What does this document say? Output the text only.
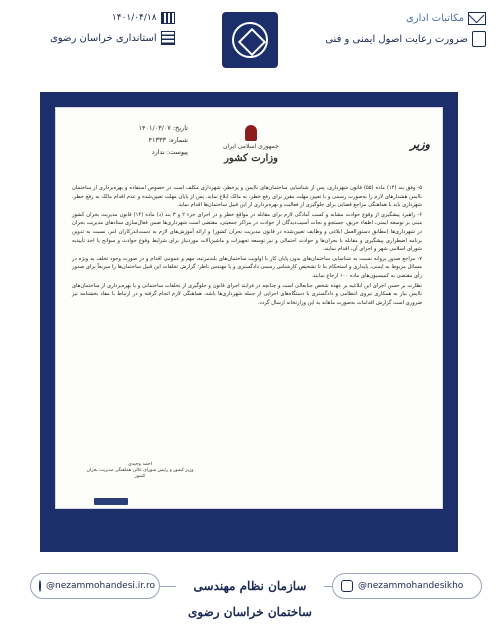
مکاتبات اداری
ضرورت رعایت اصول ایمنی و فنی
۱۴۰۱/۰۴/۱۸
استانداری خراسان رضوی
جمهوری اسلامی ایران
وزارت کشور
وزیر
تاریخ: ۱۴۰۱/۰۳/۰۷
شماره: ۴۱۳۳۳
پیوست: ندارد

۵- وفق بند (۱۴) ماده (۵۵) قانون شهرداری، پس از شناسایی ساختمان‌های ناایمن و پرخطر، شهرداری مکلف است در خصوص استفاده و بهره‌برداری از ساختمان ناایمن هشدارهای لازم را به‌صورت رسمی و با تعیین مهلت مقرر برای رفع خطر، به مالک ابلاغ نماید. پس از پایان مهلت تعیین‌شده و عدم اقدام مالک به رفع خطر، شهرداری باید با هماهنگی مراجع قضایی برای جلوگیری از فعالیت و بهره‌برداری از این قبیل ساختمان‌ها اقدام نماید.

۶- راهبرد پیشگیری از وقوع حوادث مشابه و کسب آمادگی لازم برای مقابله در مواقع خطر و در اجرای جزء ۲ و ۳ بند (د) ماده (۱۴) قانون مدیریت بحران کشور مبنی بر توسعه ایمنی، اطفاء حریق، جستجو و نجات آسیب‌دیدگان از حوادث در مراکز جمعیتی، مقتضی است شهرداری‌ها ضمن فعال‌سازی ستادهای مدیریت بحران در شهرداری‌ها (مطابق دستورالعمل ابلاغی و وظایف تعیین‌شده در قانون مدیریت بحران کشور) و ارائه آموزش‌های لازم به دست‌اندرکاران امر، نسبت به تدوین برنامه اضطراری پیشگیری و مقابله با بحران‌ها و حوادث احتمالی و نیز توسعه تجهیزات و ماشین‌آلات موردنیاز برای شرایط وقوع حوادث و سوانح با اخذ تأییدیه شورای اسلامی شهر و اجرای آن، اقدام نمایند.

۷- مراجع صدور پروانه نسبت به شناسایی ساختمان‌های بدون پایان کار با اولویت ساختمان‌های بلندمرتبه، مهم و عمومی اقدام و در صورت وجود تخلف به ویژه در مسائل مربوط به ایمنی، پایداری و استحکام بنا تا تشخیص کارشناس رسمی دادگستری و یا مهندس ناظر؛ گزارش تخلفات این قبیل ساختمان‌ها را سریعاً برای صدور رأی مقتضی به کمیسیون‌های ماده ۱۰۰ ارجاع نمایند.

نظارت بر حسن اجرای این ابلاغیه بر عهده شخص جنابعالی است و چنانچه در فرایند اجرای قانون و جلوگیری از تخلفات ساختمانی و یا بهره‌برداری از ساختمان‌های ناایمن نیاز به همکاری نیروی انتظامی و دادگستری با دستگاه‌های اجرایی از جمله شهرداری‌ها باشد، هماهنگی لازم انجام گرفته و در ارتباط با مفاد بخشنامه نیز ضروری است گزارش اقدامات به‌صورت ماهانه به این وزارتخانه ارسال گردد.

احمد وحیدی
وزیر کشور و رئیس شورای عالی هماهنگی مدیریت بحران کشور
@nezammohandesi.ir.ro	سازمان نظام مهندسی ساختمان خراسان رضوی
@nezammohandesikho
